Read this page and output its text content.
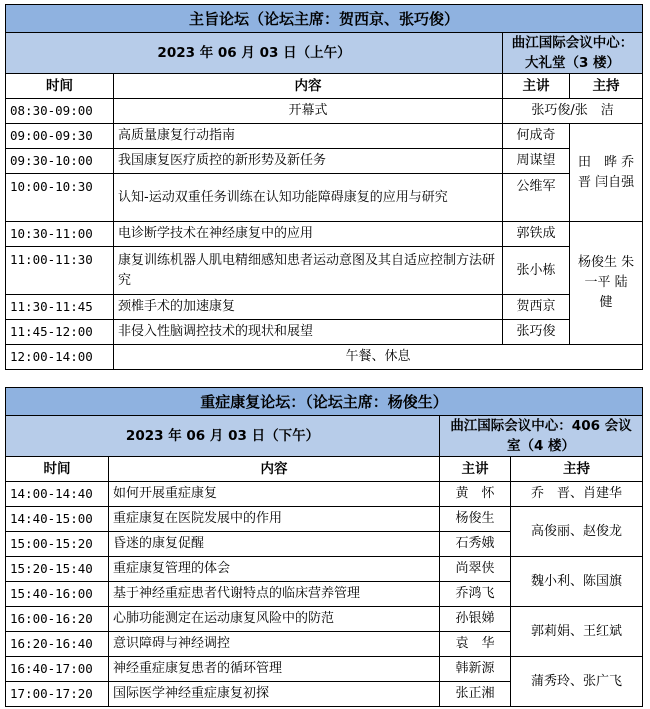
主旨论坛（论坛主席：贺西京、张巧俊）			
2023 年 06 月 03 日（上午）		曲江国际会议中心：大礼堂（3 楼）	
时间	内容	主讲	主持
08:30-09:00	开幕式	张巧俊/张　洁	
09:00-09:30	高质量康复行动指南	何成奇	田　晔 乔　晋 闫自强
09:30-10:00	我国康复医疗质控的新形势及新任务	周谋望	
10:00-10:30	认知-运动双重任务训练在认知功能障碍康复的应用与研究	公维军	
10:30-11:00	电诊断学技术在神经康复中的应用	郭铁成	杨俊生 朱一平 陆　健
11:00-11:30	康复训练机器人肌电精细感知患者运动意图及其自适应控制方法研究	张小栋	
11:30-11:45	颈椎手术的加速康复	贺西京	
11:45-12:00	非侵入性脑调控技术的现状和展望	张巧俊	
12:00-14:00	午餐、休息		
重症康复论坛：（论坛主席：杨俊生）			
2023 年 06 月 03 日（下午）		曲江国际会议中心：406 会议室（4 楼）	
时间	内容	主讲	主持
14:00-14:40	如何开展重症康复	黄　怀	乔　晋、肖建华
14:40-15:00	重症康复在医院发展中的作用	杨俊生	高俊丽、赵俊龙
15:00-15:20	昏迷的康复促醒	石秀娥	
15:20-15:40	重症康复管理的体会	尚翠侠	魏小利、陈国旗
15:40-16:00	基于神经重症患者代谢特点的临床营养管理	乔鸿飞	
16:00-16:20	心肺功能测定在运动康复风险中的防范	孙银娣	郭莉娟、王红斌
16:20-16:40	意识障碍与神经调控	袁　华	
16:40-17:00	神经重症康复患者的循环管理	韩新源	蒲秀玲、张广飞
17:00-17:20	国际医学神经重症康复初探	张正湘	
